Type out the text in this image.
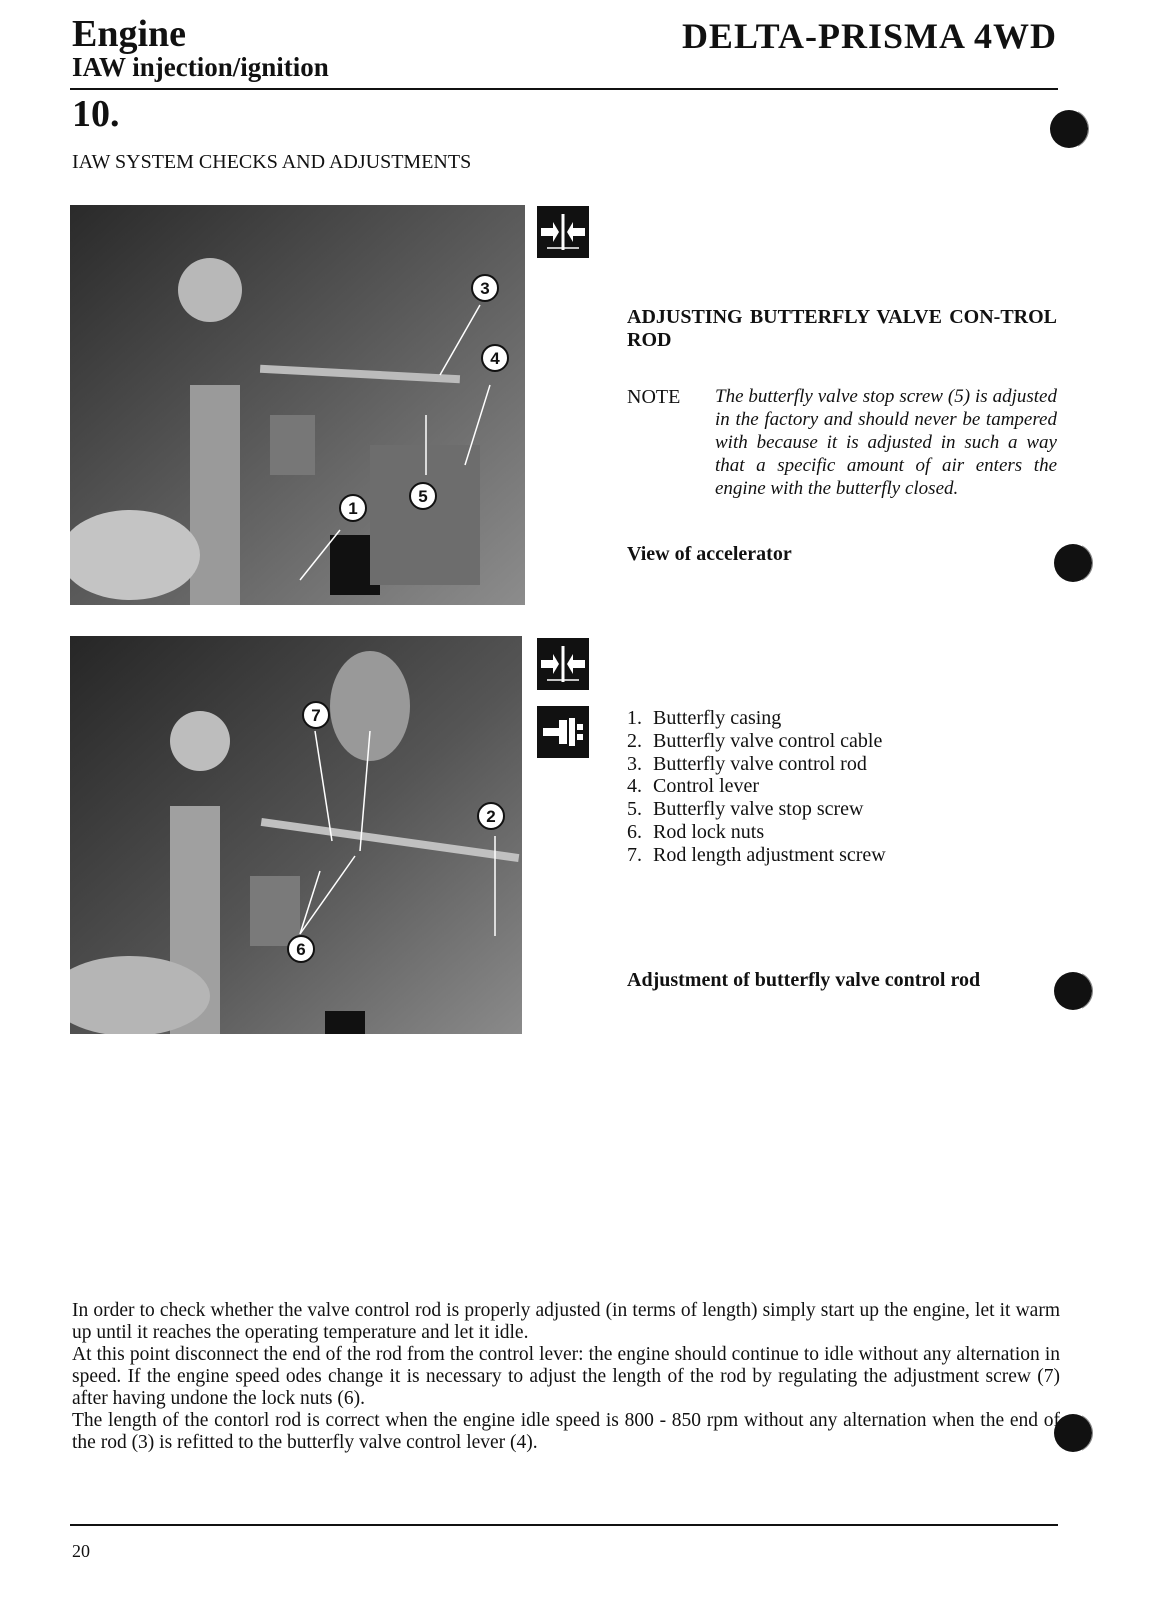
Engine
IAW injection/ignition
DELTA-PRISMA 4WD
10.
IAW SYSTEM CHECKS AND ADJUSTMENTS
3
4
1
5
ADJUSTING BUTTERFLY VALVE CON-TROL ROD
NOTE The butterfly valve stop screw (5) is adjusted in the factory and should never be tampered with because it is adjusted in such a way that a specific amount of air enters the engine with the butterfly closed.
View of accelerator
7
2
6
1. Butterfly casing
2. Butterfly valve control cable
3. Butterfly valve control rod
4. Control lever
5. Butterfly valve stop screw
6. Rod lock nuts
7. Rod length adjustment screw
Adjustment of butterfly valve control rod

In order to check whether the valve control rod is properly adjusted (in terms of length) simply start up the engine, let it warm up until it reaches the operating temperature and let it idle.

At this point disconnect the end of the rod from the control lever: the engine should continue to idle without any alternation in speed. If the engine speed odes change it is necessary to adjust the length of the rod by regulating the adjustment screw (7) after having undone the lock nuts (6).

The length of the contorl rod is correct when the engine idle speed is 800 - 850 rpm without any alternation when the end of the rod (3) is refitted to the butterfly valve control lever (4).

20
